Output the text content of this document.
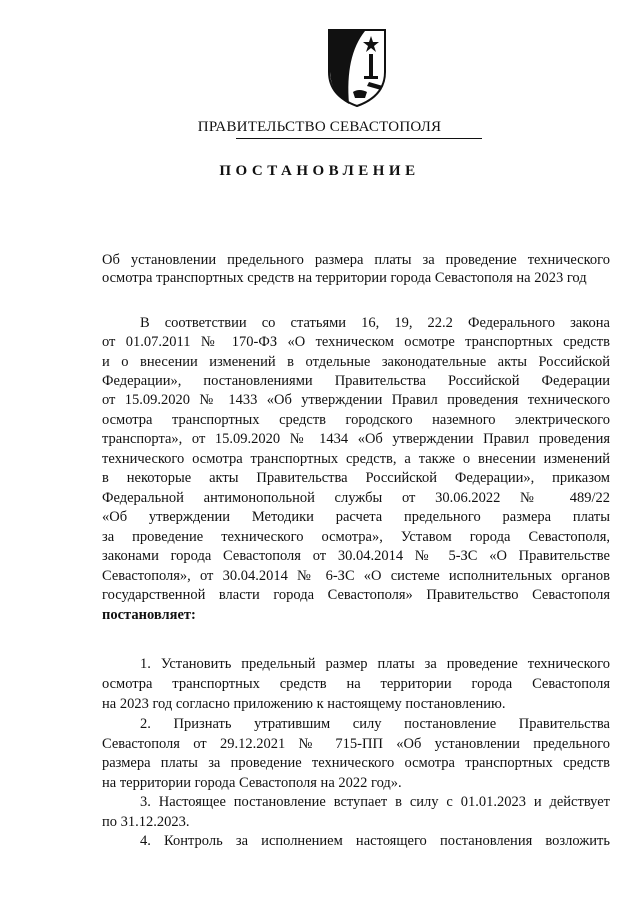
ПРАВИТЕЛЬСТВО СЕВАСТОПОЛЯ
ПОСТАНОВЛЕНИЕ
Об установлении предельного размера платы за проведение технического
осмотра транспортных средств на территории города Севастополя на 2023 год
В соответствии со статьями 16, 19, 22.2 Федерального закона
от 01.07.2011 № 170-ФЗ «О техническом осмотре транспортных средств
и о внесении изменений в отдельные законодательные акты Российской
Федерации», постановлениями Правительства Российской Федерации
от 15.09.2020 № 1433 «Об утверждении Правил проведения технического
осмотра транспортных средств городского наземного электрического
транспорта», от 15.09.2020 № 1434 «Об утверждении Правил проведения
технического осмотра транспортных средств, а также о внесении изменений
в некоторые акты Правительства Российской Федерации», приказом
Федеральной антимонопольной службы от 30.06.2022 № 489/22
«Об утверждении Методики расчета предельного размера платы
за проведение технического осмотра», Уставом города Севастополя,
законами города Севастополя от 30.04.2014 № 5-ЗС «О Правительстве
Севастополя», от 30.04.2014 № 6-ЗС «О системе исполнительных органов
государственной власти города Севастополя» Правительство Севастополя
постановляет:
1. Установить предельный размер платы за проведение технического
осмотра транспортных средств на территории города Севастополя
на 2023 год согласно приложению к настоящему постановлению.
2. Признать утратившим силу постановление Правительства
Севастополя от 29.12.2021 № 715-ПП «Об установлении предельного
размера платы за проведение технического осмотра транспортных средств
на территории города Севастополя на 2022 год».
3. Настоящее постановление вступает в силу с 01.01.2023 и действует
по 31.12.2023.
4. Контроль за исполнением настоящего постановления возложить
